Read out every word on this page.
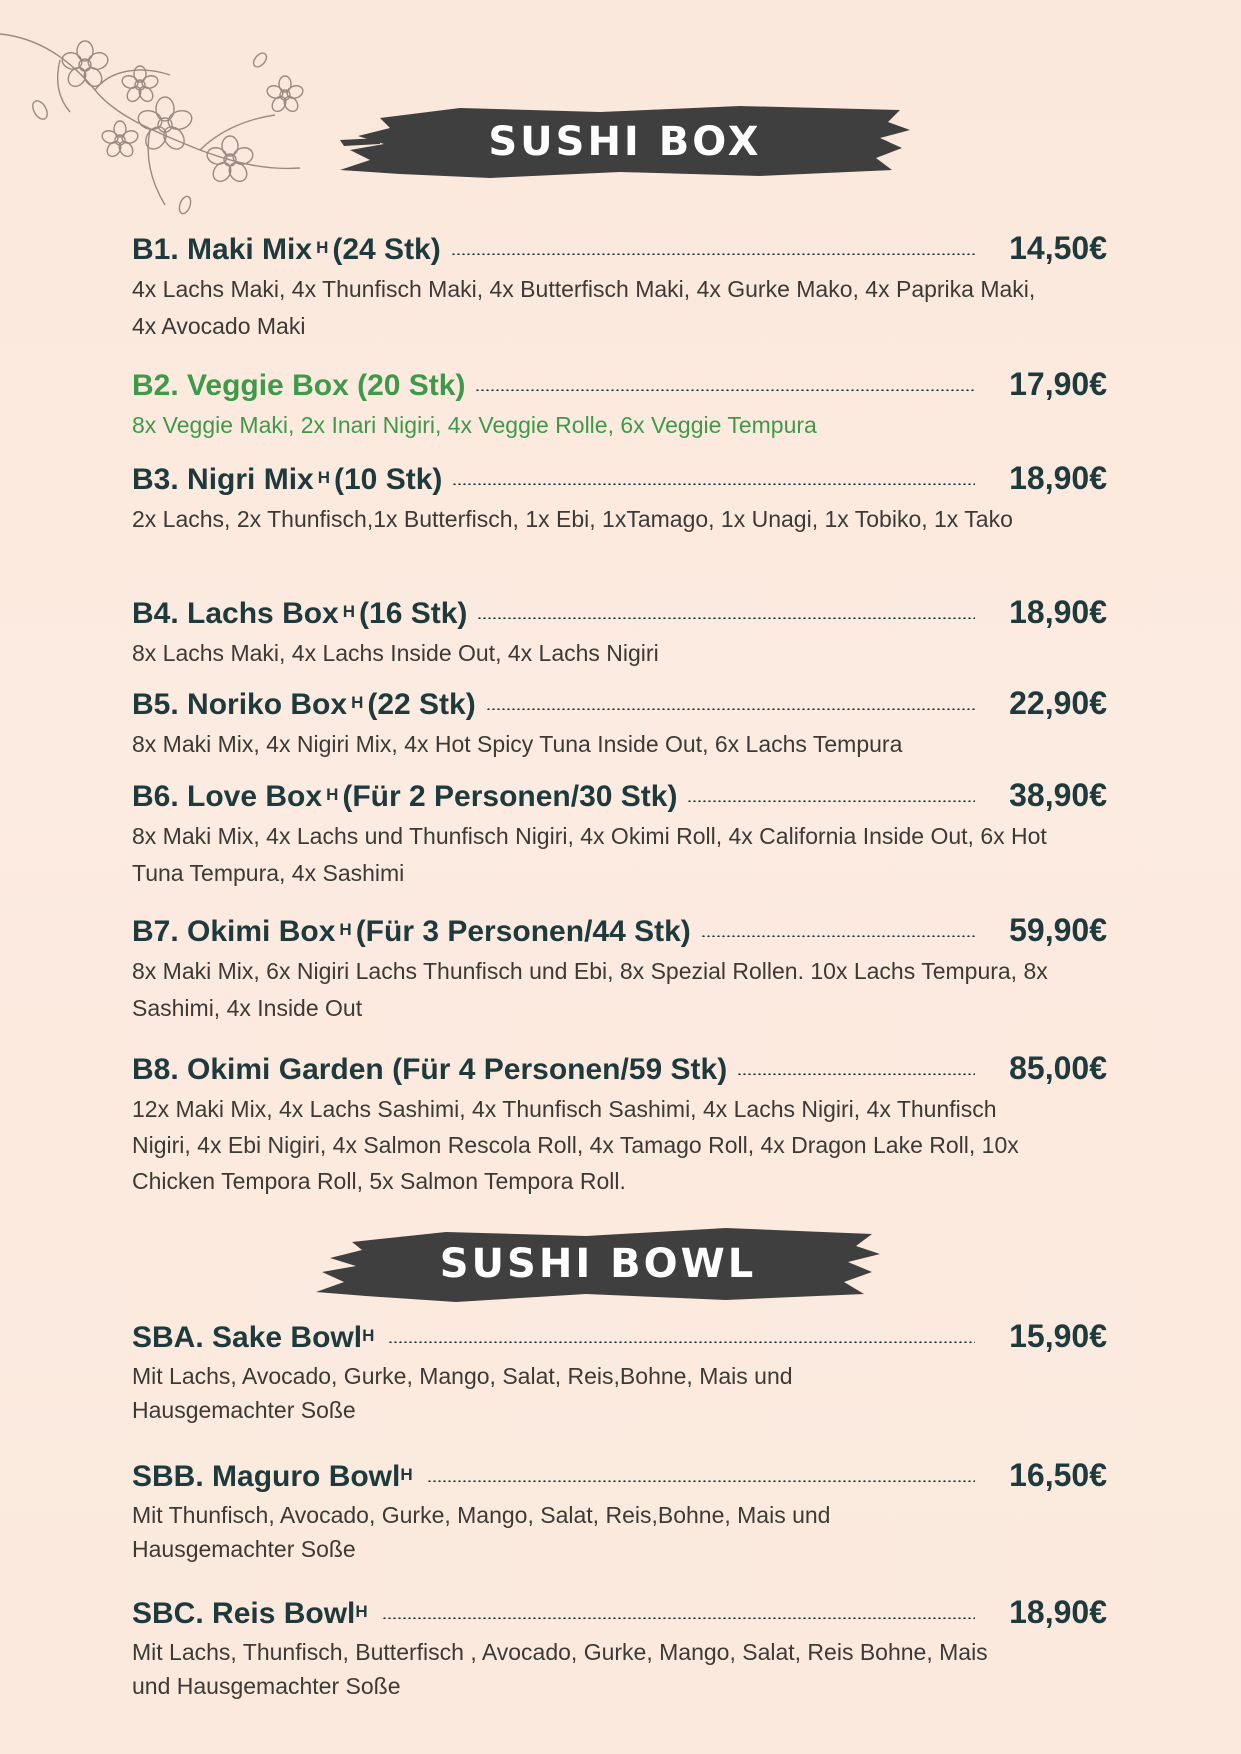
SUSHI BOX
B1. Maki Mix $^H$ (24 Stk)	14,50€
4x Lachs Maki, 4x Thunfisch Maki, 4x Butterfisch Maki, 4x Gurke Mako, 4x Paprika Maki, 4x Avocado Maki
B2. Veggie Box (20 Stk)	17,90€
8x Veggie Maki, 2x Inari Nigiri, 4x Veggie Rolle, 6x Veggie Tempura
B3. Nigri Mix $^H$ (10 Stk)	18,90€
2x Lachs, 2x Thunfisch,1x Butterfisch, 1x Ebi, 1xTamago, 1x Unagi, 1x Tobiko, 1x Tako
B4. Lachs Box $^H$ (16 Stk)	18,90€
8x Lachs Maki, 4x Lachs Inside Out, 4x Lachs Nigiri
B5. Noriko Box $^H$ (22 Stk)	22,90€
8x Maki Mix, 4x Nigiri Mix, 4x Hot Spicy Tuna Inside Out, 6x Lachs Tempura
B6. Love Box $^H$ (Für 2 Personen/30 Stk)	38,90€
8x Maki Mix, 4x Lachs und Thunfisch Nigiri, 4x Okimi Roll, 4x California Inside Out, 6x Hot Tuna Tempura, 4x Sashimi
B7. Okimi Box $^H$ (Für 3 Personen/44 Stk)	59,90€
8x Maki Mix, 6x Nigiri Lachs Thunfisch und Ebi, 8x Spezial Rollen. 10x Lachs Tempura, 8x Sashimi, 4x Inside Out
B8. Okimi Garden (Für 4 Personen/59 Stk)	85,00€
12x Maki Mix, 4x Lachs Sashimi, 4x Thunfisch Sashimi, 4x Lachs Nigiri, 4x Thunfisch Nigiri, 4x Ebi Nigiri, 4x Salmon Rescola Roll, 4x Tamago Roll, 4x Dragon Lake Roll, 10x Chicken Tempora Roll, 5x Salmon Tempora Roll.
SUSHI BOWL
SBA. Sake Bowl$^H$	15,90€
Mit Lachs, Avocado, Gurke, Mango, Salat, Reis,Bohne, Mais und Hausgemachter Soße
SBB. Maguro Bowl$^H$	16,50€
Mit Thunfisch, Avocado, Gurke, Mango, Salat, Reis,Bohne, Mais und Hausgemachter Soße
SBC. Reis Bowl$^H$	18,90€
Mit Lachs, Thunfisch, Butterfisch , Avocado, Gurke, Mango, Salat, Reis Bohne, Mais und Hausgemachter Soße
